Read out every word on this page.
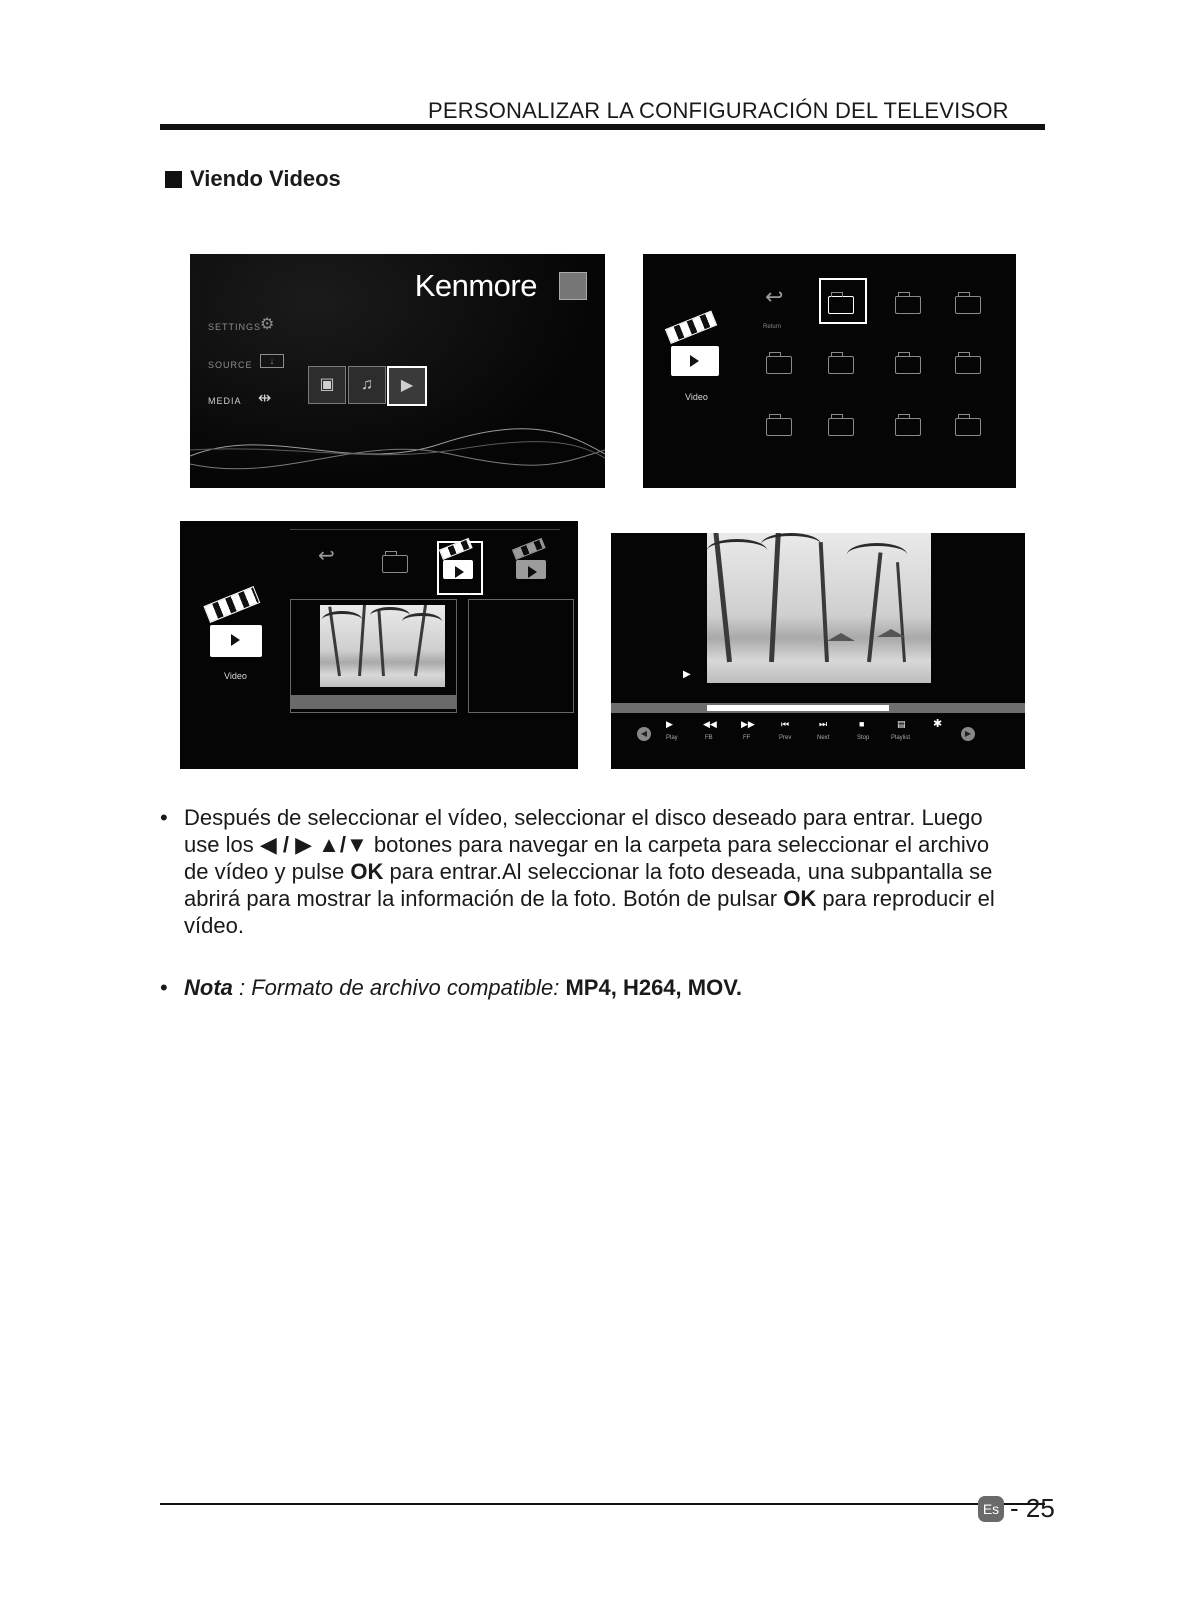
PERSONALIZAR LA CONFIGURACIÓN DEL TELEVISOR
Viendo Videos
Kenmore
SETTINGS
⚙
SOURCE	↓
MEDIA ⇹
▣	♫	▶
Video
↩
Return
↩
Video	▶
◀
▶
Play
◀◀
FB
▶▶
FF
⏮
Prev
⏭
Next
■
Stop
▤
Playlist
✱
▶
• Después de seleccionar el vídeo, seleccionar el disco deseado para entrar. Luego use los ◀ / ▶ ▲/▼ botones para navegar en la carpeta para seleccionar el archivo de vídeo y pulse OK para entrar.Al seleccionar la foto deseada, una subpantalla se abrirá para mostrar la información de la foto. Botón de pulsar OK para reproducir el vídeo.
• Nota : Formato de archivo compatible: MP4, H264, MOV.
Es - 25
